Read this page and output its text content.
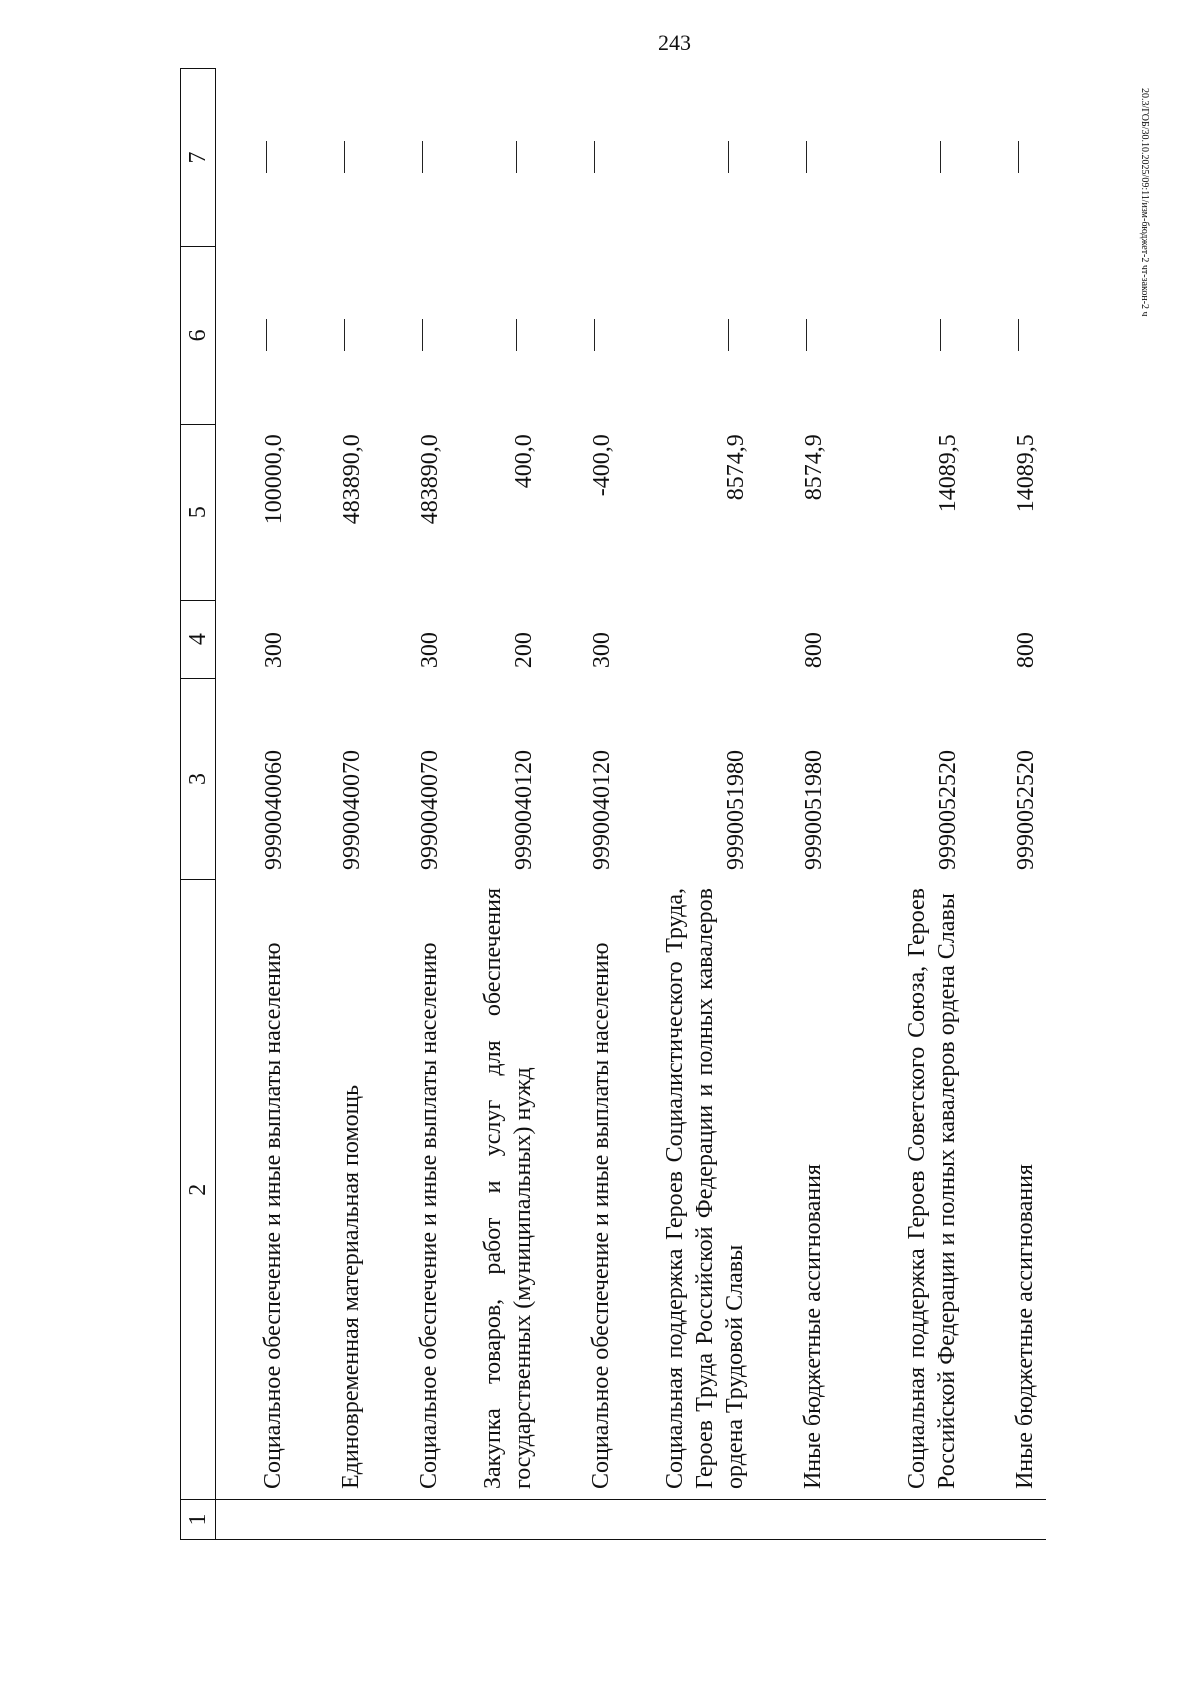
243
20.3/ГОБ/30.10.2025/09:11/изм-бюджет-2 чт-закон-2 ч
1	2	3	4	5	6	7

	Социальное обеспечение и иные выплаты населению	9990040060	300	100000,0		

	Единовременная материальная помощь	9990040070		483890,0		

	Социальное обеспечение и иные выплаты населению	9990040070	300	483890,0		

	Закупка товаров, работ и услуг для обеспечения государственных (муниципальных) нужд	9990040120	200	400,0		

	Социальное обеспечение и иные выплаты населению	9990040120	300	-400,0		

	Социальная поддержка Героев Социалистического Труда, Героев Труда Российской Федерации и полных кавалеров ордена Трудовой Славы	9990051980		8574,9		

	Иные бюджетные ассигнования	9990051980	800	8574,9		

	Социальная поддержка Героев Советского Союза, Героев Российской Федерации и полных кавалеров ордена Славы	9990052520		14089,5		

	Иные бюджетные ассигнования	9990052520	800	14089,5		
